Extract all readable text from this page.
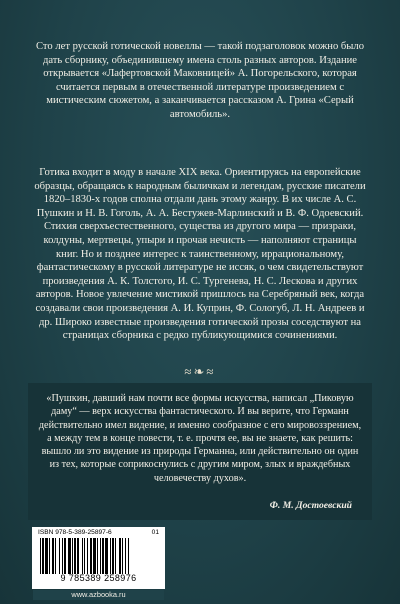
Сто лет русской готической новеллы — такой подзаголовок можно было дать сборнику, объединившему имена столь разных авторов. Издание открывается «Лафертовской Маковницей» А. Погорельского, которая считается первым в отечественной литературе произведением с мистическим сюжетом, а заканчивается рассказом А. Грина «Серый автомобиль».

Готика входит в моду в начале XIX века. Ориентируясь на европейские образцы, обращаясь к народным быличкам и легендам, русские писатели 1820–1830-х годов сполна отдали дань этому жанру. В их числе А. С. Пушкин и Н. В. Гоголь, А. А. Бестужев-Марлинский и В. Ф. Одоевский. Стихия сверхъестественного, существа из другого мира — призраки, колдуны, мертвецы, упыри и прочая нечисть — наполняют страницы книг. Но и позднее интерес к таинственному, иррациональному, фантастическому в русской литературе не иссяк, о чем свидетельствуют произведения А. К. Толстого, И. С. Тургенева, Н. С. Лескова и других авторов. Новое увлечение мистикой пришлось на Серебряный век, когда создавали свои произведения А. И. Куприн, Ф. Сологуб, Л. Н. Андреев и др. Широко известные произведения готической прозы соседствуют на страницах сборника с редко публикующимися сочинениями.

≈❧≈

«Пушкин, давший нам почти все формы искусства, написал „Пиковую даму“ — верх искусства фантастического. И вы верите, что Германн действительно имел видение, и именно сообразное с его мировоззрением, а между тем в конце повести, т. е. прочтя ее, вы не знаете, как решить: вышло ли это видение из природы Германна, или действительно он один из тех, которые соприкоснулись с другим миром, злых и враждебных человечеству духов».

Ф. М. Достоевский
ISBN 978-5-389-25897-6	01
9 785389 258976
www.azbooka.ru
